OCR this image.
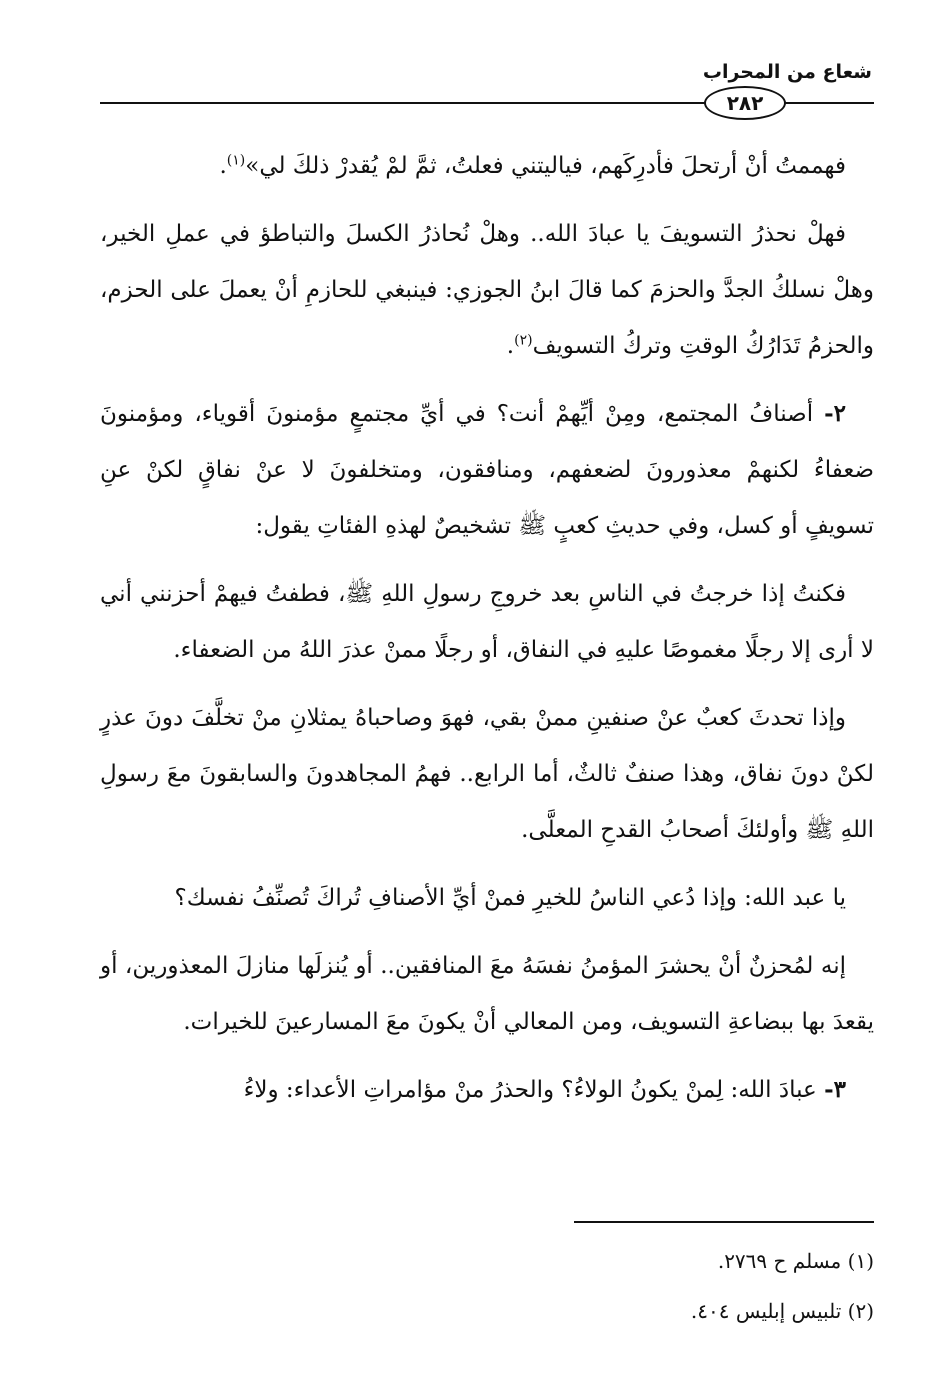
شعاع من المحراب
٢٨٢

فهممتُ أنْ أرتحلَ فأدرِكَهم، فياليتني فعلتُ، ثمَّ لمْ يُقدرْ ذلكَ لي»$^{(١)}$.

فهلْ نحذرُ التسويفَ يا عبادَ الله.. وهلْ نُحاذرُ الكسلَ والتباطؤ في عملِ الخير، وهلْ نسلكُ الجدَّ والحزمَ كما قالَ ابنُ الجوزي: فينبغي للحازمِ أنْ يعملَ على الحزم، والحزمُ تَدَارُكُ الوقتِ وتركُ التسويف$^{(٢)}$.

٢- أصنافُ المجتمع، ومِنْ أيِّهمْ أنت؟ في أيِّ مجتمعٍ مؤمنونَ أقوياء، ومؤمنونَ ضعفاءُ لكنهمْ معذورونَ لضعفهم، ومنافقون، ومتخلفونَ لا عنْ نفاقٍ لكنْ عنِ تسويفٍ أو كسل، وفي حديثِ كعبٍ ﷺ تشخيصٌ لهذهِ الفئاتِ يقول:

فكنتُ إذا خرجتُ في الناسِ بعد خروجِ رسولِ اللهِ ﷺ، فطفتُ فيهمْ أحزنني أني لا أرى إلا رجلًا مغموصًا عليهِ في النفاق، أو رجلًا ممنْ عذرَ اللهُ من الضعفاء.

وإذا تحدثَ كعبٌ عنْ صنفينِ ممنْ بقي، فهوَ وصاحباهُ يمثلانِ منْ تخلَّفَ دونَ عذرٍ لكنْ دونَ نفاق، وهذا صنفٌ ثالثٌ، أما الرابع.. فهمُ المجاهدونَ والسابقونَ معَ رسولِ اللهِ ﷺ وأولئكَ أصحابُ القدحِ المعلَّى.

يا عبد الله: وإذا دُعي الناسُ للخيرِ فمنْ أيِّ الأصنافِ تُراكَ تُصنِّفُ نفسك؟

إنه لمُحزنٌ أنْ يحشرَ المؤمنُ نفسَهُ معَ المنافقين.. أو يُنزلَها منازلَ المعذورين، أو يقعدَ بها ببضاعةِ التسويف، ومن المعالي أنْ يكونَ معَ المسارعينَ للخيرات.

٣- عبادَ الله: لِمنْ يكونُ الولاءُ؟ والحذرُ منْ مؤامراتِ الأعداء: ولاءُ

(١) مسلم ح ٢٧٦٩.

(٢) تلبيس إبليس ٤٠٤.
